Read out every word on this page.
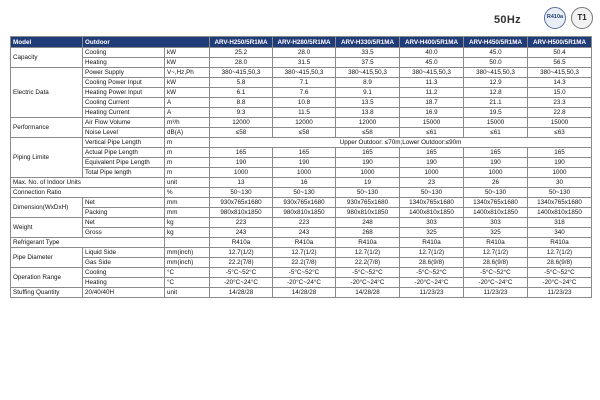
50Hz	R410a	T1
Model	Outdoor		ARV-H250/5R1MA	ARV-H280/5R1MA	ARV-H330/5R1MA	ARV-H400/5R1MA	ARV-H450/5R1MA	ARV-H500/5R1MA
Capacity	Cooling	kW	25.2	28.0	33.5	40.0	45.0	50.4
	Heating	kW	28.0	31.5	37.5	45.0	50.0	56.5
Electric Data	Power Supply	V~,Hz,Ph	380~415,50,3	380~415,50,3	380~415,50,3	380~415,50,3	380~415,50,3	380~415,50,3
	Cooling Power Input	kW	5.8	7.1	8.9	11.3	12.9	14.3
	Heating Power Input	kW	6.1	7.6	9.1	11.2	12.8	15.0
	Cooling Current	A	8.8	10.8	13.5	18.7	21.1	23.3
	Heating Current	A	9.3	11.5	13.8	16.9	19.5	22.8
Performance	Air Flow Volume	m³/h	12000	12000	12000	15000	15000	15000
	Noise Level	dB(A)	≤58	≤58	≤58	≤61	≤61	≤63
Piping Limite	Vertical Pipe Length	m	Upper Outdoor: ≤70m;Lower Outdoor:≤90m					
	Actual Pipe Length	m	165	165	165	165	165	165
	Equivalent Pipe Length	m	190	190	190	190	190	190
	Total Pipe length	m	1000	1000	1000	1000	1000	1000
Max. No. of Indoor Units		unit	13	16	19	23	26	30
Connection Ratio		%	50~130	50~130	50~130	50~130	50~130	50~130
Dimension(WxDxH)	Net	mm	930x765x1680	930x765x1680	930x765x1680	1340x765x1680	1340x765x1680	1340x765x1680
	Packing	mm	980x810x1850	980x810x1850	980x810x1850	1400x810x1850	1400x810x1850	1400x810x1850
Weight	Net	kg	223	223	248	303	303	318
	Gross	kg	243	243	268	325	325	340
Refrigerant Type			R410a	R410a	R410a	R410a	R410a	R410a
Pipe Diameter	Liquid Side	mm(inch)	12.7(1/2)	12.7(1/2)	12.7(1/2)	12.7(1/2)	12.7(1/2)	12.7(1/2)
	Gas Side	mm(inch)	22.2(7/8)	22.2(7/8)	22.2(7/8)	28.6(9/8)	28.6(9/8)	28.6(9/8)
Operation Range	Cooling	°C	-5°C~52°C	-5°C~52°C	-5°C~52°C	-5°C~52°C	-5°C~52°C	-5°C~52°C
	Heating	°C	-20°C~24°C	-20°C~24°C	-20°C~24°C	-20°C~24°C	-20°C~24°C	-20°C~24°C
Stuffing Quantity	20/40/40H	unit	14/28/28	14/28/28	14/28/28	11/23/23	11/23/23	11/23/23
